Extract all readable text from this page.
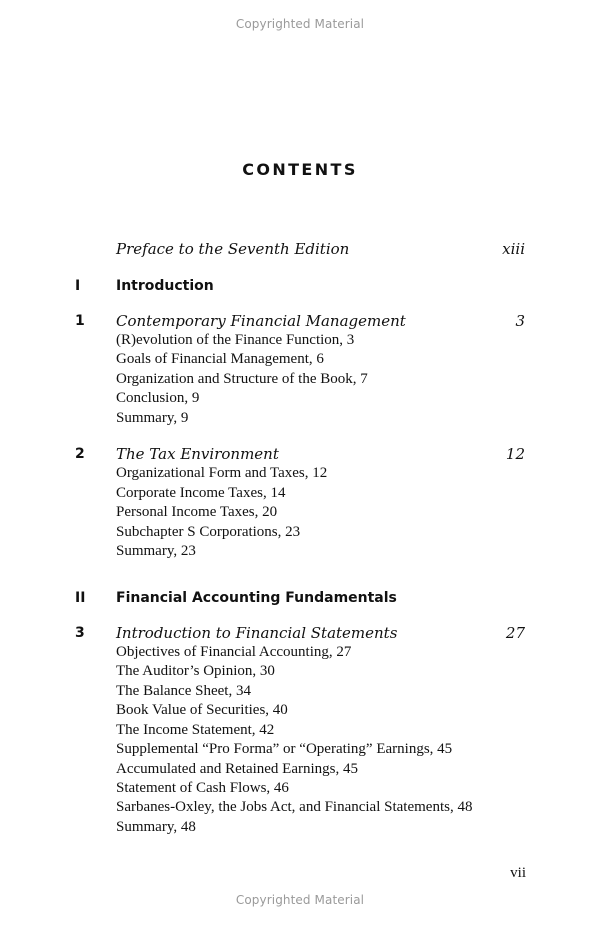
Copyrighted Material
CONTENTS
Preface to the Seventh Edition	xiii
I	Introduction
1 Contemporary Financial Management	3
(R)evolution of the Finance Function, 3
Goals of Financial Management, 6
Organization and Structure of the Book, 7
Conclusion, 9
Summary, 9
2 The Tax Environment	12
Organizational Form and Taxes, 12
Corporate Income Taxes, 14
Personal Income Taxes, 20
Subchapter S Corporations, 23
Summary, 23
II Financial Accounting Fundamentals
3 Introduction to Financial Statements	27
Objectives of Financial Accounting, 27
The Auditor’s Opinion, 30
The Balance Sheet, 34
Book Value of Securities, 40
The Income Statement, 42
Supplemental “Pro Forma” or “Operating” Earnings, 45
Accumulated and Retained Earnings, 45
Statement of Cash Flows, 46
Sarbanes-Oxley, the Jobs Act, and Financial Statements, 48
Summary, 48
vii
Copyrighted Material
